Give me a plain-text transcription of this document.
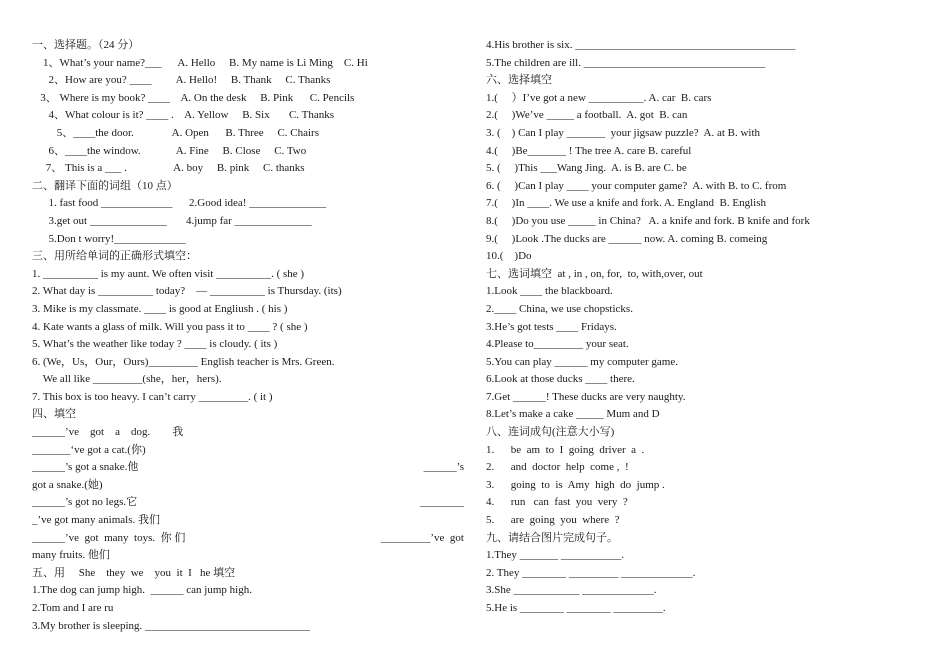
一、选择题。（24 分）
1、What’s your name?___      A. Hello     B. My name is Li Ming    C. Hi
2、How are you? ____         A. Hello!     B. Thank     C. Thanks
3、 Where is my book? ____    A. On the desk     B. Pink      C. Pencils
4、What colour is it? ____ .    A. Yellow     B. Six       C. Thanks
5、____the door.              A. Open      B. Three     C. Chairs
6、____the window.             A. Fine     B. Close     C. Two
7、 This is a ___ .                 A. boy     B. pink     C. thanks
二、翻译下面的词组（10 点）
1. fast food _____________      2.Good idea! ______________
3.get out ______________       4.jump far ______________
5.Don t worry!_____________
三、用所给单词的正确形式填空：
1. __________ is my aunt. We often visit __________. ( she )
2. What day is __________ today?    — __________ is Thursday. (its)
3. Mike is my classmate. ____ is good at Engliush . ( his )
4. Kate wants a glass of milk. Will you pass it to ____ ? ( she )
5. What’s the weather like today ? ____ is cloudy. ( its )
6. (We，Us，Our，Ours)_________ English teacher is Mrs. Green.
We all like _________(she，her，hers).
7. This box is too heavy. I can’t carry _________. ( it )
四、填空
______’ve    got    a    dog.        我
_______‘ve got a cat.(你)
______’s got a snake.他	______’s
got a snake.(她)
______’s got no legs.它	________
_’ve got many animals. 我们
______’ve  got  many  toys.  你 们	_________’ve  got
many fruits. 他们
五、用     She    they  we    you  it  I   he 填空
1.The dog can jump high.  ______ can jump high.
2.Tom and I are ru
3.My brother is sleeping. ______________________________
4.His brother is six. ________________________________________
5.The children are ill. _________________________________
六、选择填空
1.(     ）I’ve got a new __________. A. car  B. cars
2.(     )We’ve _____ a football.  A. got  B. can
3. (    ) Can I play _______  your jigsaw puzzle?  A. at B. with
4.(     )Be_______ ! The tree A. care B. careful
5. (     )This ___Wang Jing.  A. is B. are C. be
6. (     )Can I play ____ your computer game?  A. with B. to C. from
7.(     )In ____. We use a knife and fork. A. England  B. English
8.(     )Do you use _____ in China?   A. a knife and fork. B knife and fork
9.(     )Look .The ducks are ______ now. A. coming B. comeing
10.(    )Do
七、选词填空  at , in , on, for,  to, with,over, out
1.Look ____ the blackboard.
2.____ China, we use chopsticks.
3.He’s got tests ____ Fridays.
4.Please to_________ your seat.
5.You can play ______ my computer game.
6.Look at those ducks ____ there.
7.Get ______! These ducks are very naughty.
8.Let’s make a cake _____ Mum and D
八、连词成句(注意大小写)
1.      be  am  to  I  going  driver  a  .
2.      and  doctor  help  come ,  !
3.      going  to  is  Amy  high  do  jump .
4.      run   can  fast  you  very  ?
5.      are  going  you  where  ?
九、请结合图片完成句子。
1.They _______ ___________.
2. They ________ _________ _____________.
3.She ____________ _____________.
5.He is ________ ________ _________.
